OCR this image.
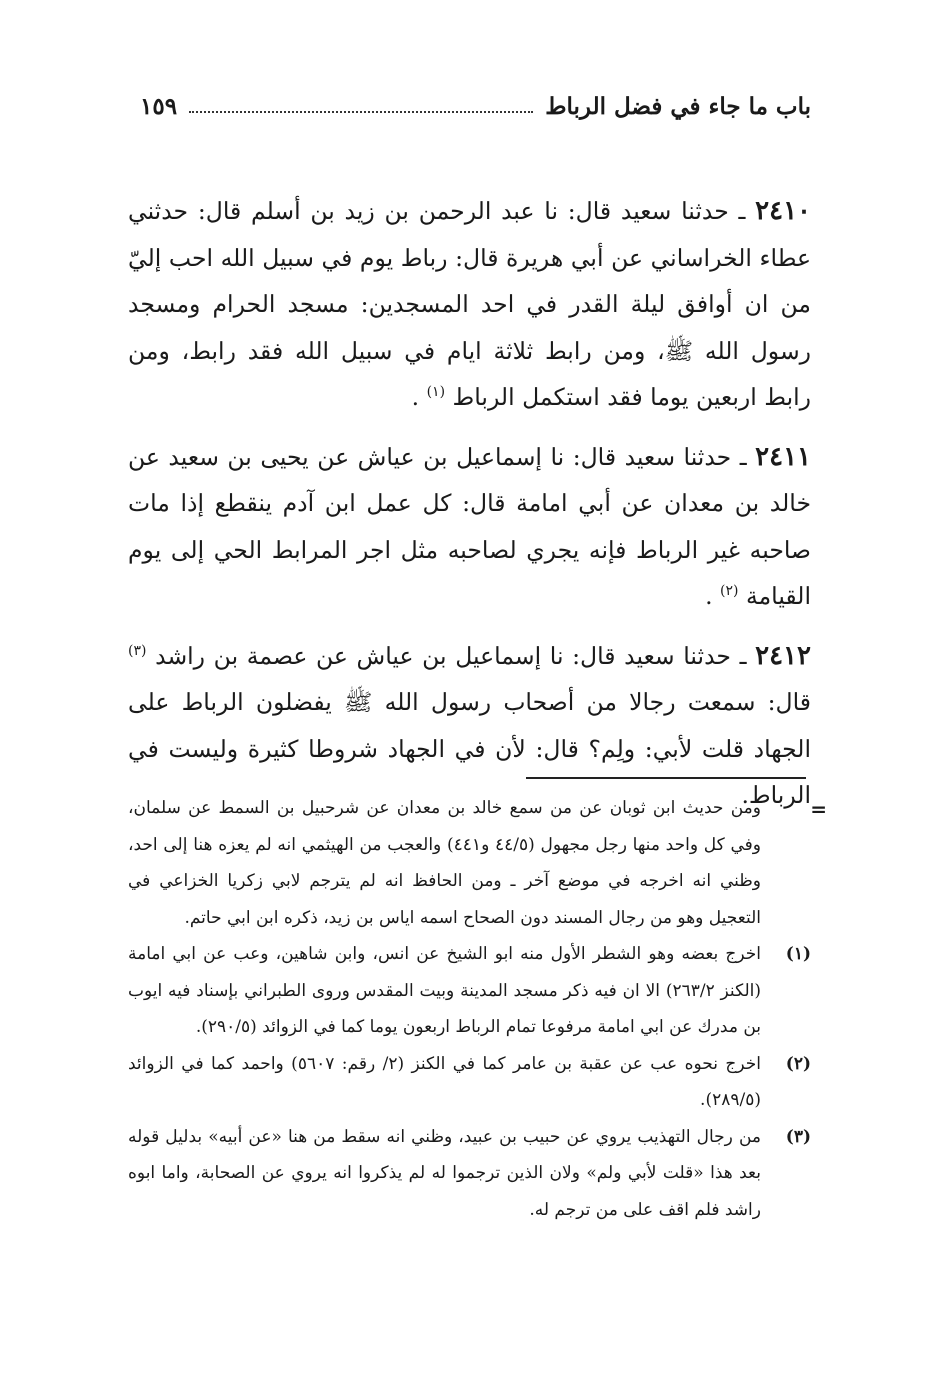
باب ما جاء في فضل الرباط
١٥٩

٢٤١٠ ـ حدثنا سعيد قال: نا عبد الرحمن بن زيد بن أسلم قال: حدثني عطاء الخراساني عن أبي هريرة قال: رباط يوم في سبيل الله احب إليّ من ان أوافق ليلة القدر في احد المسجدين: مسجد الحرام ومسجد رسول الله ﷺ، ومن رابط ثلاثة ايام في سبيل الله فقد رابط، ومن رابط اربعين يوما فقد استكمل الرباط $^{(١)}$ .

٢٤١١ ـ حدثنا سعيد قال: نا إسماعيل بن عياش عن يحيى بن سعيد عن خالد بن معدان عن أبي امامة قال: كل عمل ابن آدم ينقطع إذا مات صاحبه غير الرباط فإنه يجري لصاحبه مثل اجر المرابط الحي إلى يوم القيامة $^{(٢)}$ .

٢٤١٢ ـ حدثنا سعيد قال: نا إسماعيل بن عياش عن عصمة بن راشد $^{(٣)}$ قال: سمعت رجالا من أصحاب رسول الله ﷺ يفضلون الرباط على الجهاد قلت لأبي: ولِم؟ قال: لأن في الجهاد شروطا كثيرة وليست في الرباط. =

ومن حديث ابن ثوبان عن من سمع خالد بن معدان عن شرحبيل بن السمط عن سلمان، وفي كل واحد منها رجل مجهول (٤٤/٥ و٤٤١) والعجب من الهيثمي انه لم يعزه هنا إلى احد، وظني انه اخرجه في موضع آخر ـ ومن الحافظ انه لم يترجم لابي زكريا الخزاعي في التعجيل وهو من رجال المسند دون الصحاح اسمه اياس بن زيد، ذكره ابن ابي حاتم.

(١)
اخرج بعضه وهو الشطر الأول منه ابو الشيخ عن انس، وابن شاهين، وعب عن ابي امامة (الكنز ٢٦٣/٢) الا ان فيه ذكر مسجد المدينة وبيت المقدس وروى الطبراني بإسناد فيه ايوب بن مدرك عن ابي امامة مرفوعا تمام الرباط اربعون يوما كما في الزوائد (٢٩٠/٥).

(٢)
اخرج نحوه عب عن عقبة بن عامر كما في الكنز (٢/ رقم: ٥٦٠٧) واحمد كما في الزوائد (٢٨٩/٥).

(٣)
من رجال التهذيب يروي عن حبيب بن عبيد، وظني انه سقط من هنا «عن أبيه» بدليل قوله بعد هذا «قلت لأبي ولم» ولان الذين ترجموا له لم يذكروا انه يروي عن الصحابة، واما ابوه راشد فلم اقف على من ترجم له.
